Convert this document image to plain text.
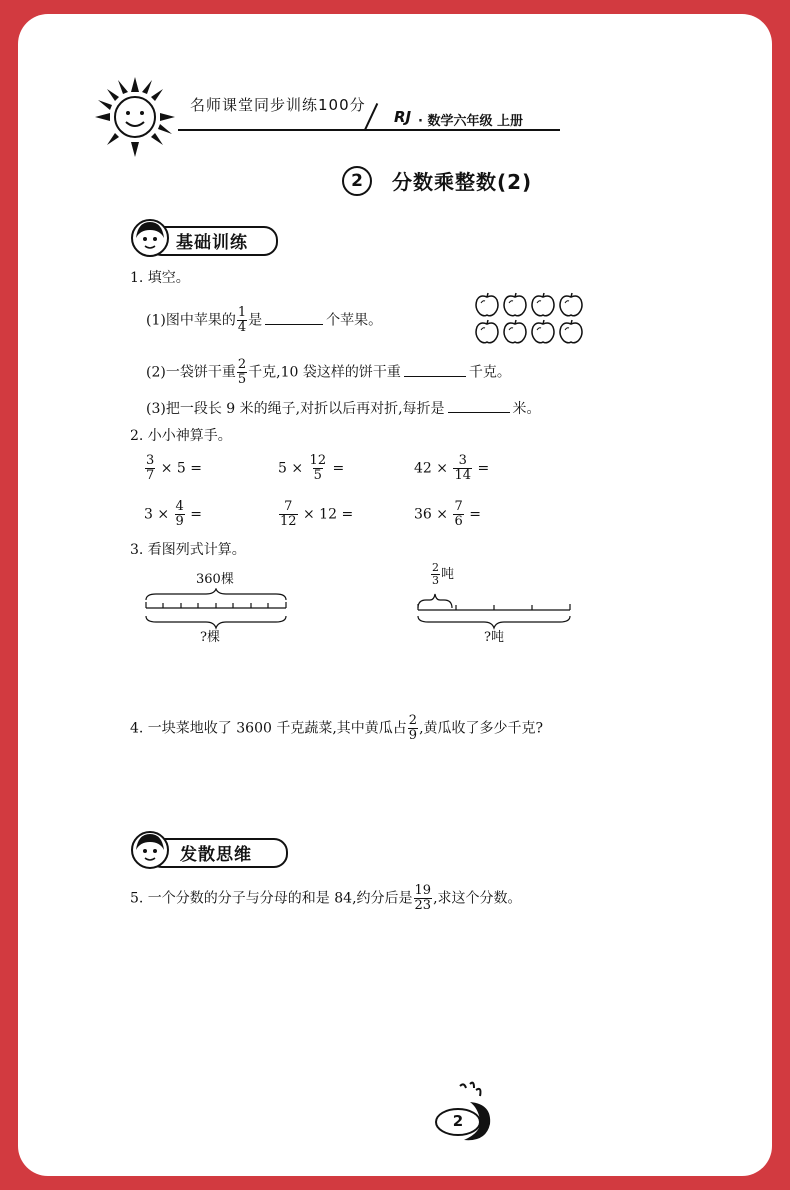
名师课堂同步训练100分
RJ · 数学六年级 上册
2	分数乘整数(2)
基础训练
1. 填空。
(1)图中苹果的 $\frac{1}{4}$ 是	个苹果。
(2)一袋饼干重 $\frac{2}{5}$ 千克,10 袋这样的饼干重	千克。
(3)把一段长 9 米的绳子,对折以后再对折,每折是	米。
2. 小小神算手。
$\frac{3}{7} \times 5$ =	$5 \times \frac{12}{5}$ =	$42 \times \frac{3}{14}$ =
$3 \times \frac{4}{9}$ =	$\frac{7}{12} \times 12$ =	$36 \times \frac{7}{6}$ =
3. 看图列式计算。
360棵
?棵
$\frac{2}{3}$ 吨
?吨
4. 一块菜地收了 3600 千克蔬菜,其中黄瓜占 $\frac{2}{9}$ ,黄瓜收了多少千克?
发散思维
5. 一个分数的分子与分母的和是 84,约分后是 $\frac{19}{23}$ ,求这个分数。
2
